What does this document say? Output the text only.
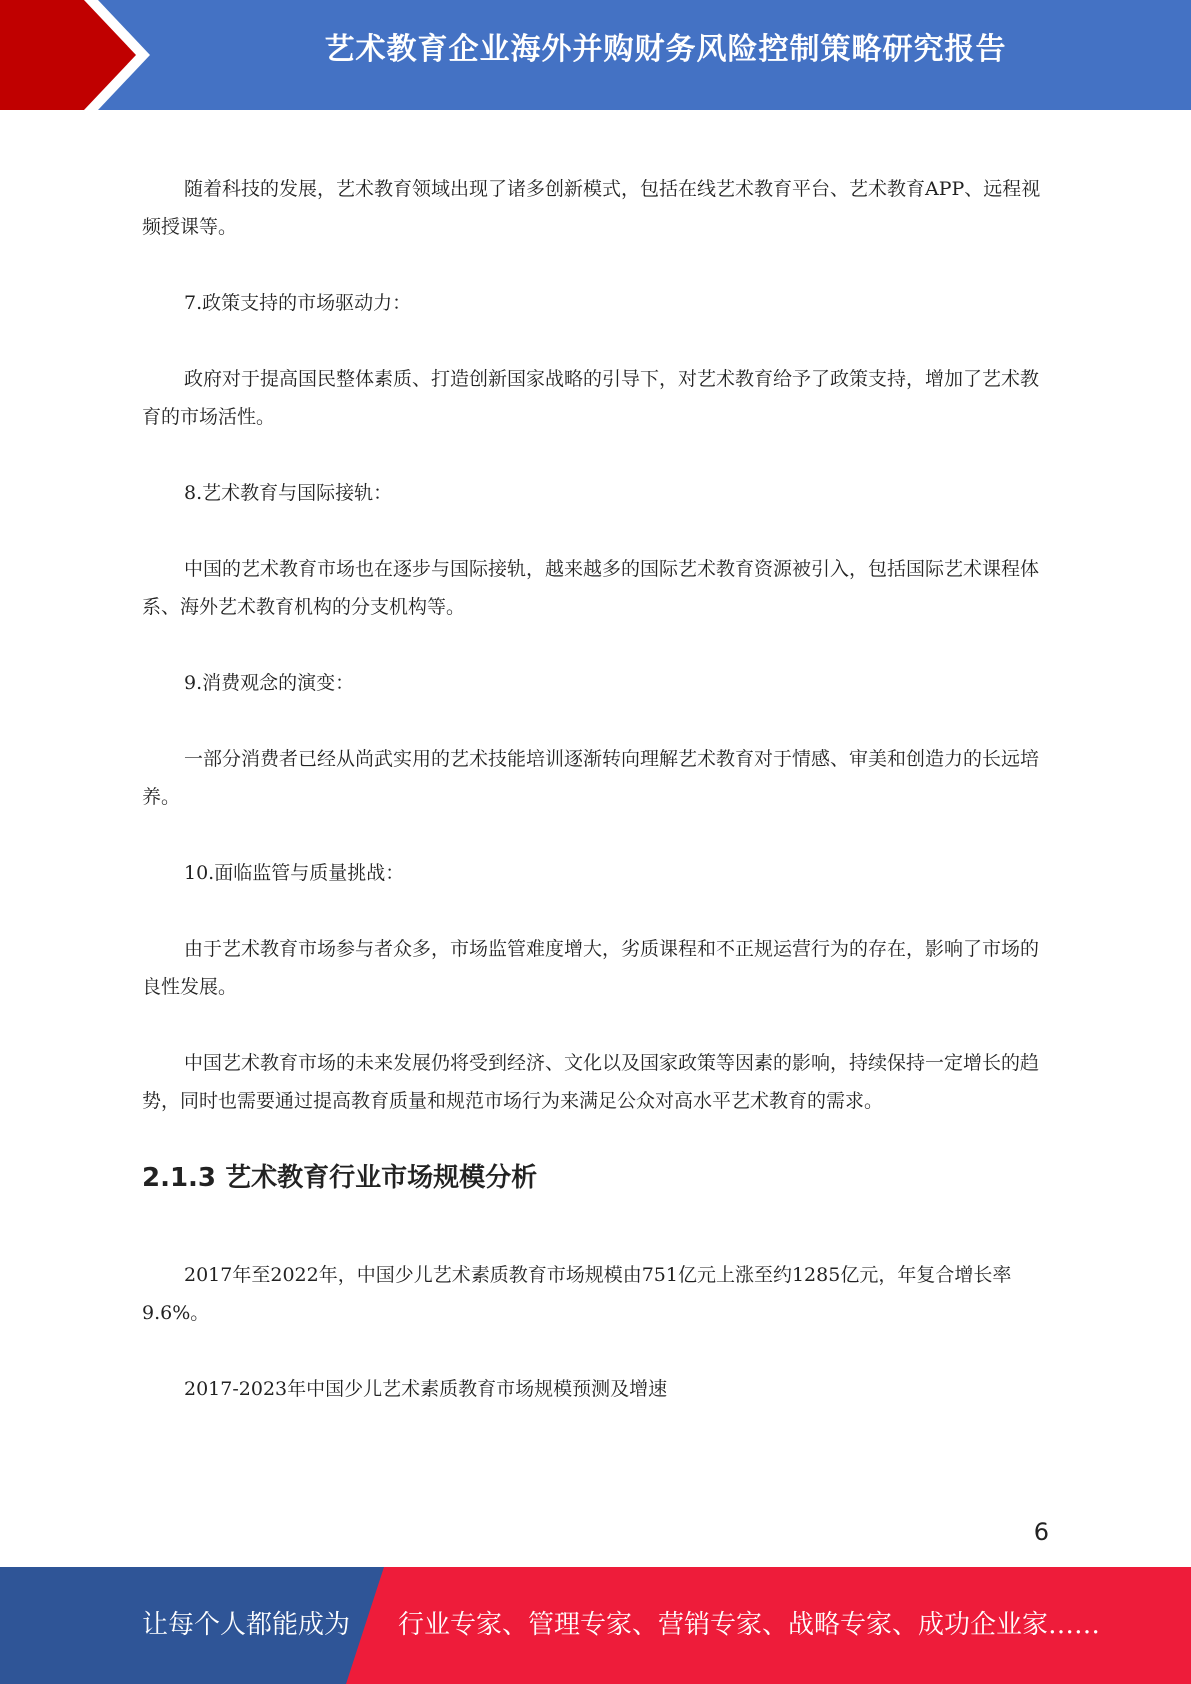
艺术教育企业海外并购财务风险控制策略研究报告

随着科技的发展，艺术教育领域出现了诸多创新模式，包括在线艺术教育平台、艺术教育APP、远程视频授课等。

7.政策支持的市场驱动力：

政府对于提高国民整体素质、打造创新国家战略的引导下，对艺术教育给予了政策支持，增加了艺术教育的市场活性。

8.艺术教育与国际接轨：

中国的艺术教育市场也在逐步与国际接轨，越来越多的国际艺术教育资源被引入，包括国际艺术课程体系、海外艺术教育机构的分支机构等。

9.消费观念的演变：

一部分消费者已经从尚武实用的艺术技能培训逐渐转向理解艺术教育对于情感、审美和创造力的长远培养。

10.面临监管与质量挑战：

由于艺术教育市场参与者众多，市场监管难度增大，劣质课程和不正规运营行为的存在，影响了市场的良性发展。

中国艺术教育市场的未来发展仍将受到经济、文化以及国家政策等因素的影响，持续保持一定增长的趋势，同时也需要通过提高教育质量和规范市场行为来满足公众对高水平艺术教育的需求。

2.1.3 艺术教育行业市场规模分析

2017年至2022年，中国少儿艺术素质教育市场规模由751亿元上涨至约1285亿元，年复合增长率9.6%。

2017-2023年中国少儿艺术素质教育市场规模预测及增速

6
让每个人都能成为 行业专家、管理专家、营销专家、战略专家、成功企业家……
